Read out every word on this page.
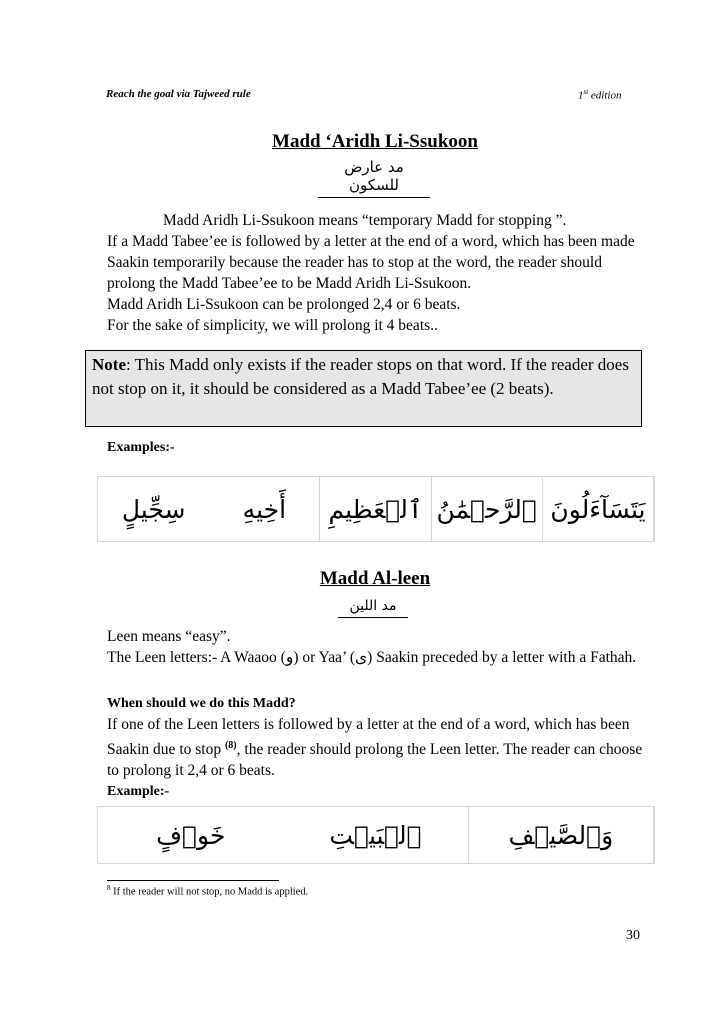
Reach the goal via Tajweed rule	1st edition
Madd ‘Aridh Li-Ssukoon
مد عارض للسكون
Madd Aridh Li-Ssukoon means “temporary Madd for stopping ”.
If a Madd Tabee’ee is followed by a letter at the end of a word, which has been made Saakin temporarily because the reader has to stop at the word, the reader should prolong the Madd Tabee’ee to be Madd Aridh Li-Ssukoon.
Madd Aridh Li-Ssukoon can be prolonged 2,4 or 6 beats.
For the sake of simplicity, we will prolong it 4 beats..
Note: This Madd only exists if the reader stops on that word. If the reader does not stop on it, it should be considered as a Madd Tabee’ee (2 beats).
Examples:-
يَتَسَآءَلُونَ
ٱلرَّحۡمَٰنُ
ٱلۡعَظِيمِ
أَخِيهِ
سِجِّيلٍ
Madd Al-leen
مد اللين
Leen means “easy”.
The Leen letters:- A Waaoo (و) or Yaa’ (ى) Saakin preceded by a letter with a Fathah.
When should we do this Madd?
If one of the Leen letters is followed by a letter at the end of a word, which has been Saakin due to stop $^{(8)}$, the reader should prolong the Leen letter. The reader can choose to prolong it 2,4 or 6 beats.
Example:-
وَٱلصَّيۡفِ
ٱلۡبَيۡتِ
خَوۡفٍ
$^8$ If the reader will not stop, no Madd is applied.
30
